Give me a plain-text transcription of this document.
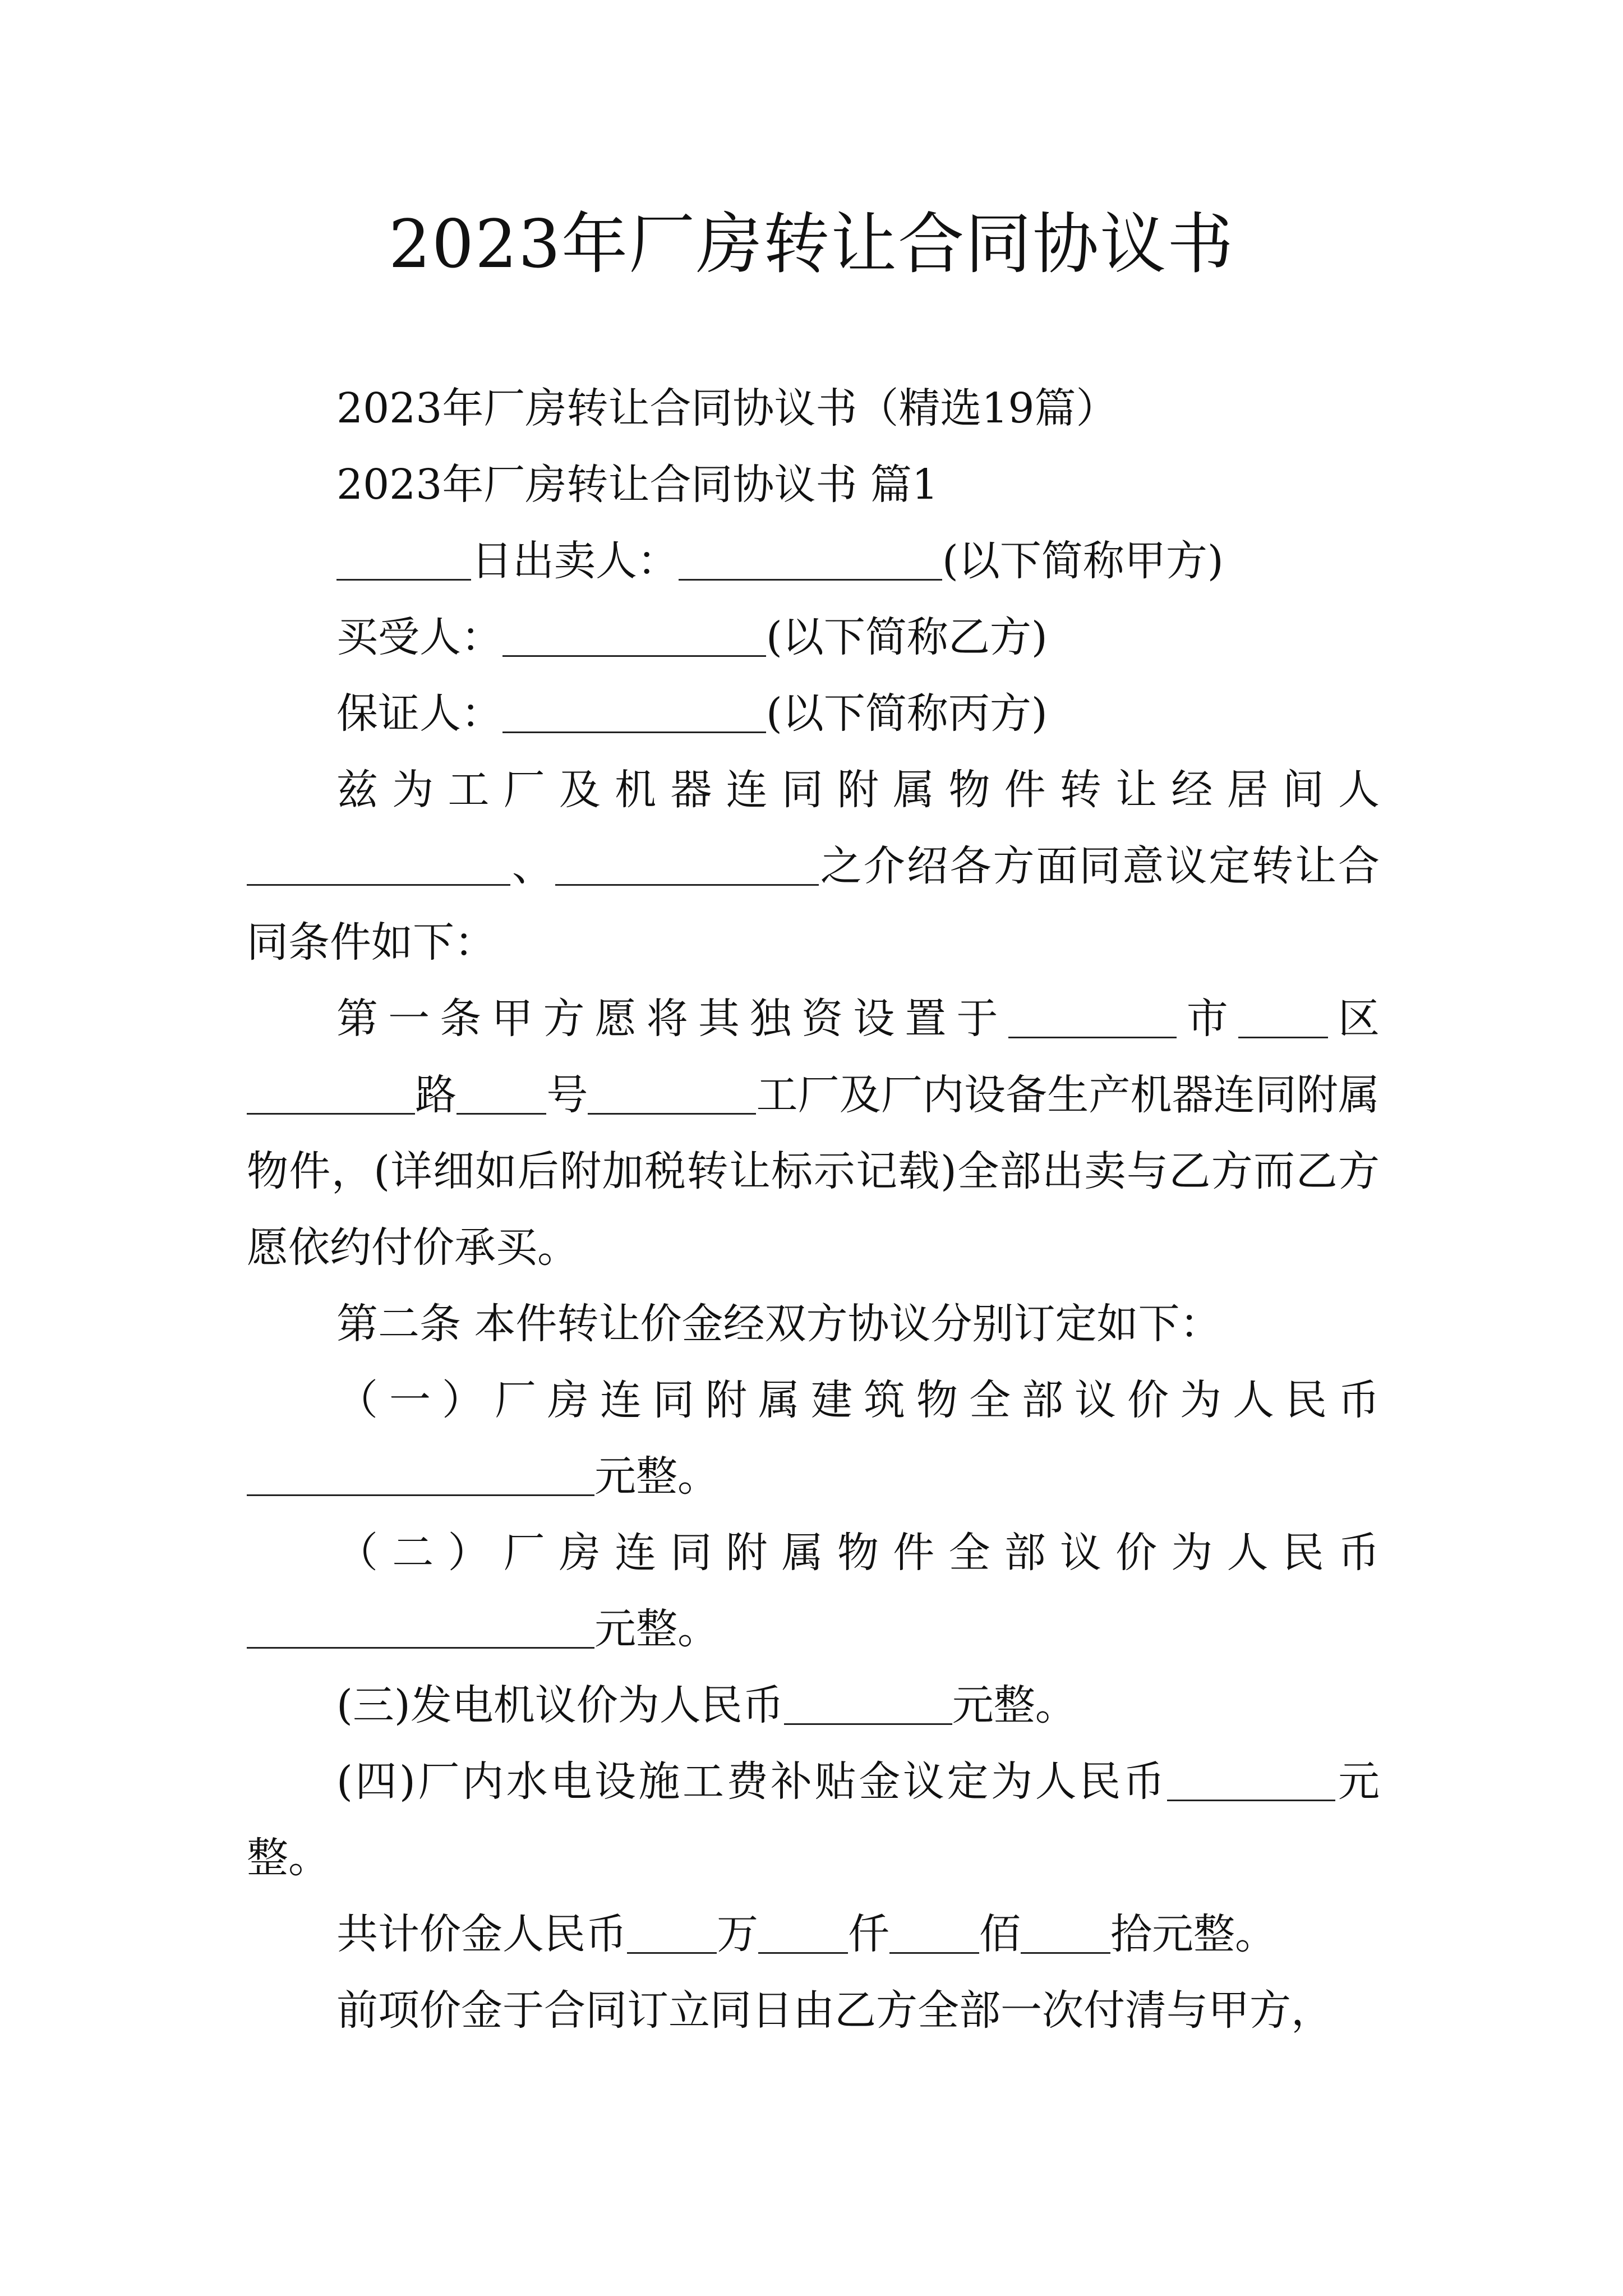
2023年厂房转让合同协议书

2023年厂房转让合同协议书（精选19篇）

2023年厂房转让合同协议书 篇1

日出卖人：	(以下简称甲方)

买受人：	(以下简称乙方)

保证人：	(以下简称丙方)

兹为工厂及机器连同附属物件转让经居间人、	之介绍各方面同意议定转让合同条件如下：

第一条甲方愿将其独资设置于	市 区路 号	工厂及厂内设备生产机器连同附属物件，(详细如后附加税转让标示记载)全部出卖与乙方而乙方愿依约付价承买。

第二条 本件转让价金经双方协议分别订定如下：

（一）厂房连同附属建筑物全部议价为人民币元整。

（二）厂房连同附属物件全部议价为人民币元整。

(三)发电机议价为人民币	元整。

(四)厂内水电设施工费补贴金议定为人民币	元整。

共计价金人民币 万 仟 佰 拾元整。

前项价金于合同订立同日由乙方全部一次付清与甲方，
